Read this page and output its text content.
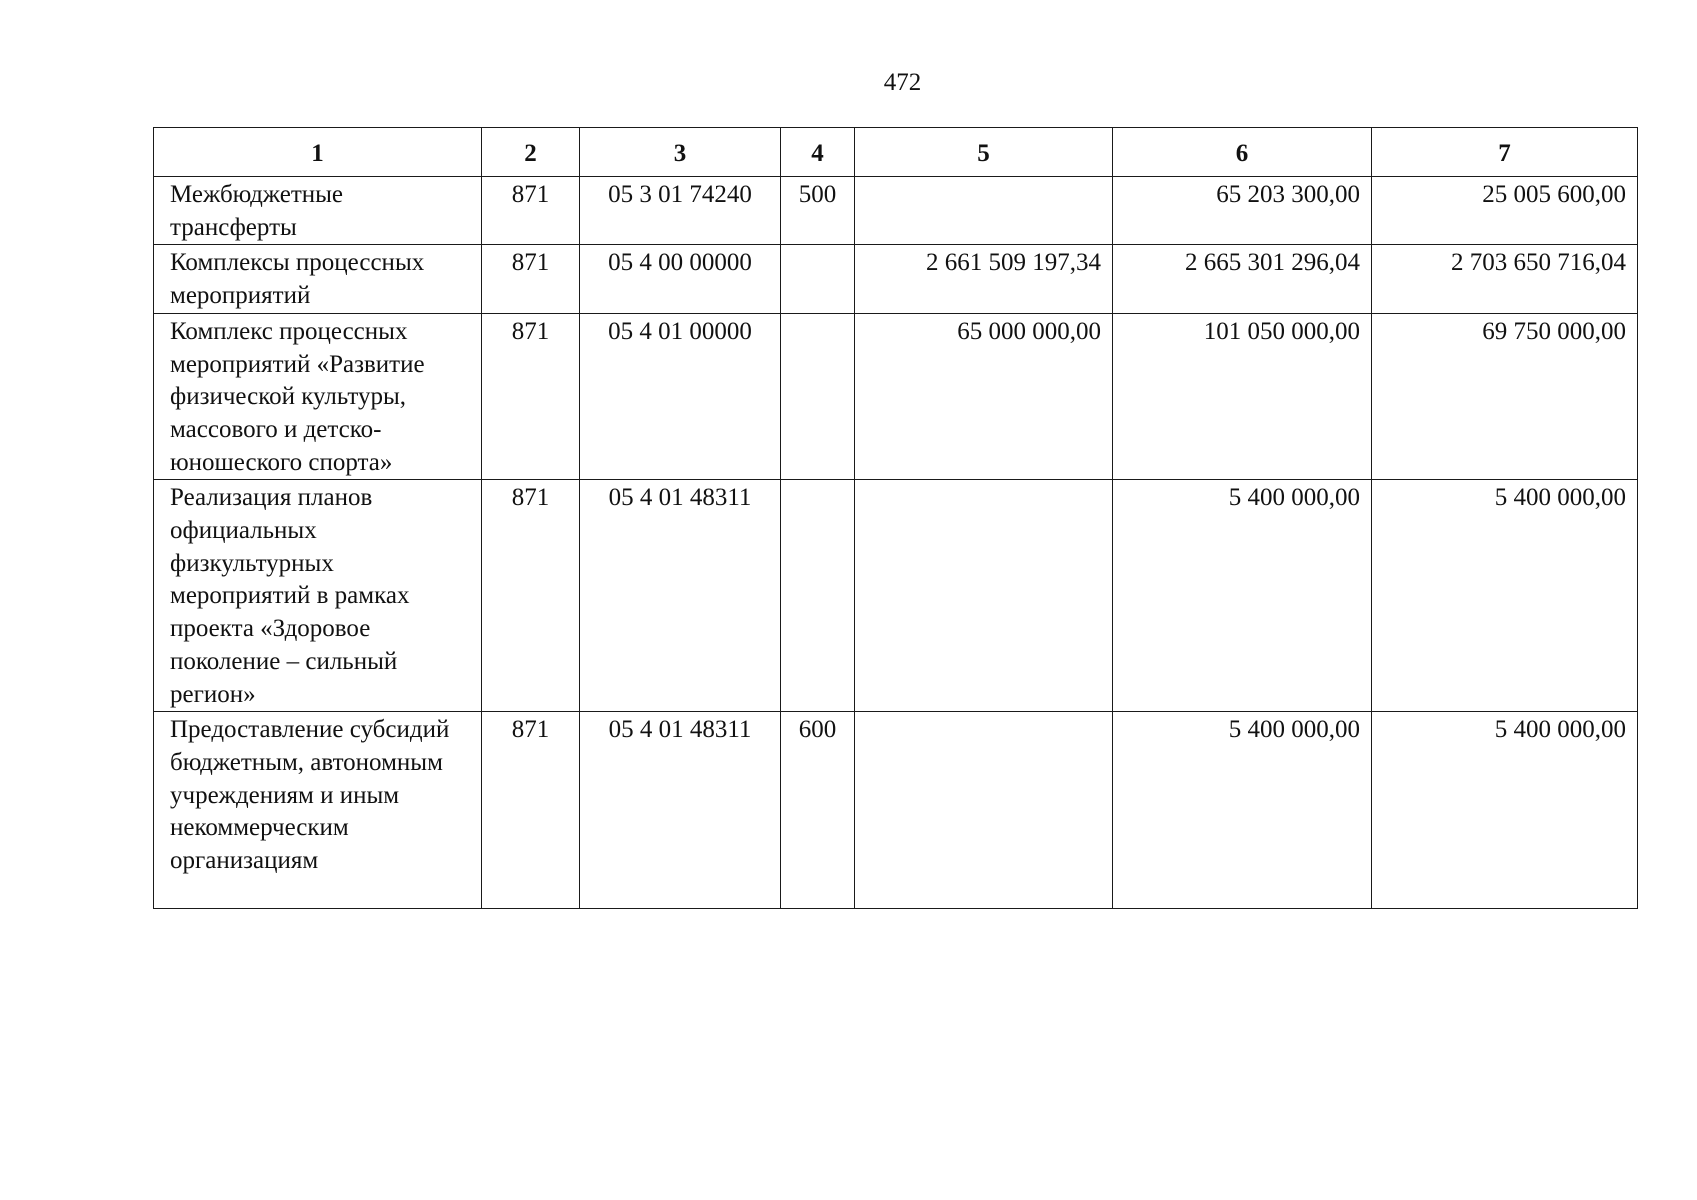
472
1	2	3	4	5	6	7
Межбюджетные трансферты	871	05 3 01 74240	500		65 203 300,00	25 005 600,00
Комплексы процессных мероприятий	871	05 4 00 00000		2 661 509 197,34	2 665 301 296,04	2 703 650 716,04
Комплекс процессных мероприятий «Развитие физической культуры, массового и детско-юношеского спорта»	871	05 4 01 00000		65 000 000,00	101 050 000,00	69 750 000,00
Реализация планов официальных физкультурных мероприятий в рамках проекта «Здоровое поколение – сильный регион»	871	05 4 01 48311			5 400 000,00	5 400 000,00
Предоставление субсидий бюджетным, автономным учреждениям и иным некоммерческим организациям	871	05 4 01 48311	600		5 400 000,00	5 400 000,00
